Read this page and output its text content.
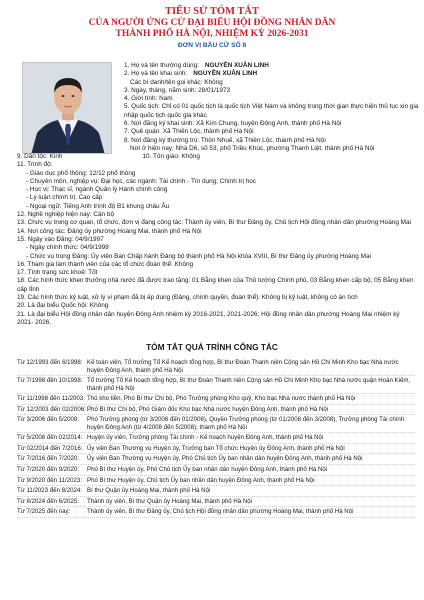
TIỂU SỬ TÓM TẮT
CỦA NGƯỜI ỨNG CỬ ĐẠI BIỂU HỘI ĐỒNG NHÂN DÂN
THÀNH PHỐ HÀ NỘI, NHIỆM KỲ 2026-2031
ĐƠN VỊ BẦU CỬ SỐ 8
1. Họ và tên thường dùng: NGUYỄN XUÂN LINH
2. Họ và tên khai sinh: NGUYỄN XUÂN LINH
Các bí danh/tên gọi khác: Không
3. Ngày, tháng, năm sinh: 28/01/1973
4. Giới tính: Nam
5. Quốc tịch: Chỉ có 01 quốc tịch là quốc tịch Việt Nam và không trong thời gian thực hiện thủ tục xin gia nhập quốc tịch quốc gia khác
6. Nơi đăng ký khai sinh: Xã Kim Chung, huyện Đông Anh, thành phố Hà Nội
7. Quê quán: Xã Thiên Lộc, thành phố Hà Nội
8. Nơi đăng ký thường trú: Thôn Nhuế, xã Thiên Lộc, thành phố Hà Nội
Nơi ở hiện nay: Nhà D6, số 53, phố Triều Khúc, phường Thanh Liệt, thành phố Hà Nội
9. Dân tộc: Kinh	10. Tôn giáo: Không
11. Trình độ:
- Giáo dục phổ thông: 12/12 phổ thông
- Chuyên môn, nghiệp vụ: Đại học, các ngành: Tài chính - Tín dụng; Chính trị học
- Học vị: Thạc sĩ, ngành Quản lý Hành chính công
- Lý luận chính trị: Cao cấp
- Ngoại ngữ: Tiếng Anh trình độ B1 khung châu Âu
12. Nghề nghiệp hiện nay: Cán bộ
13. Chức vụ trong cơ quan, tổ chức, đơn vị đang công tác: Thành ủy viên, Bí thư Đảng ủy, Chủ tịch Hội đồng nhân dân phường Hoàng Mai
14. Nơi công tác: Đảng ủy phường Hoàng Mai, thành phố Hà Nội
15. Ngày vào Đảng: 04/9/1997
- Ngày chính thức: 04/9/1998
- Chức vụ trong Đảng: Ủy viên Ban Chấp hành Đảng bộ thành phố Hà Nội khóa XVIII, Bí thư Đảng ủy phường Hoàng Mai
16. Tham gia làm thành viên của các tổ chức đoàn thể: Không
17. Tình trạng sức khoẻ: Tốt
18. Các hình thức khen thưởng nhà nước đã được trao tặng: 01 Bằng khen của Thủ tướng Chính phủ, 03 Bằng khen cấp bộ; 05 Bằng khen cấp tỉnh
19. Các hình thức kỷ luật, xử lý vi phạm đã bị áp dụng (Đảng, chính quyền, đoàn thể): Không bị kỷ luật, không có án tích
20. Là đại biểu Quốc hội: Không
21. Là đại biểu Hội đồng nhân dân huyện Đông Anh nhiệm kỳ 2016-2021, 2021-2026; Hội đồng nhân dân phường Hoàng Mai nhiệm kỳ 2021- 2026.
TÓM TẮT QUÁ TRÌNH CÔNG TÁC
Từ 12/1993 đến 6/1998: Kế toán viên, Tổ trưởng Tổ Kế hoạch tổng hợp, Bí thư Đoàn Thanh niên Cộng sản Hồ Chí Minh Kho bạc Nhà nước huyện Đông Anh, thành phố Hà Nội
Từ 7/1998 đến 10/1998: Tổ trưởng Tổ Kế hoạch tổng hợp, Bí thư Đoàn Thanh niên Cộng sản Hồ Chí Minh Kho bạc Nhà nước quận Hoàn Kiếm, thành phố Hà Nội
Từ 11/1998 đến 11/2003: Thủ kho tiền, Phó Bí thư Chi bộ, Phó Trưởng phòng Kho quỹ, Kho bạc Nhà nước thành phố Hà Nội
Từ 12/2003 đến 02/2006: Phó Bí thư Chi bộ, Phó Giám đốc Kho bạc Nhà nước huyện Đông Anh, thành phố Hà Nội
Từ 3/2006 đến 5/2008:	Phó Trưởng phòng (từ 3/2006 đến 01/2008), Quyền Trưởng phòng (từ 01/2008 đến 3/2008), Trưởng phòng Tài chính huyện Đông Anh (từ 4/2008 đến 5/2008), thành phố Hà Nội
Từ 5/2008 đến 02/2014: Huyện ủy viên, Trưởng phòng Tài chính - Kế hoạch huyện Đông Anh, thành phố Hà Nội
Từ 02/2014 đến 7/2016: Ủy viên Ban Thường vụ Huyện ủy, Trưởng ban Tổ chức Huyện ủy Đông Anh, thành phố Hà Nội
Từ 7/2016 đến 7/2020:	Ủy viên Ban Thường vụ Huyện ủy, Phó Chủ tịch Ủy ban nhân dân huyện Đông Anh, thành phố Hà Nội
Từ 7/2020 đến 9/2020:	Phó Bí thư Huyện ủy, Phó Chủ tịch Ủy ban nhân dân huyện Đông Anh, thành phố Hà Nội
Từ 9/2020 đến 11/2023: Phó Bí thư Huyện ủy, Chủ tịch Ủy ban nhân dân huyện Đông Anh, thành phố Hà Nội
Từ 11/2023 đến 8/2024: Bí thư Quận ủy Hoàng Mai, thành phố Hà Nội
Từ 8/2024 đến 6/2025:	Thành ủy viên, Bí thư Quận ủy Hoàng Mai, thành phố Hà Nội
Từ 7/2025 đến nay:	Thành ủy viên, Bí thư Đảng ủy, Chủ tịch Hội đồng nhân dân phường Hoàng Mai, thành phố Hà Nội
